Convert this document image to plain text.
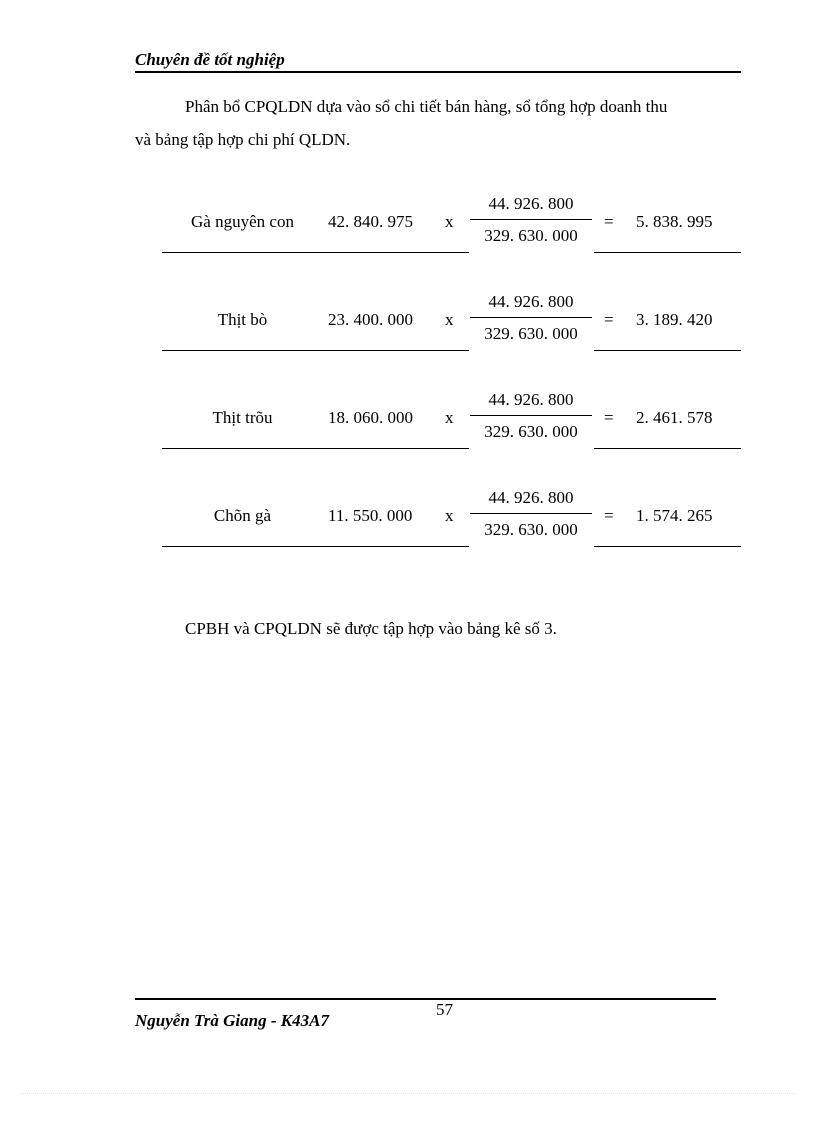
Chuyên đề tốt nghiệp
Phân bổ CPQLDN dựa vào sổ chi tiết bán hàng, sổ tổng hợp doanh thu
và bảng tập hợp chi phí QLDN.
Gà nguyên con	42. 840. 975 x
44. 926. 800
329. 630. 000
= 5. 838. 995
Thịt bò	23. 400. 000 x
44. 926. 800
329. 630. 000
= 3. 189. 420
Thịt trõu	18. 060. 000 x
44. 926. 800
329. 630. 000
= 2. 461. 578
Chõn gà	11. 550. 000 x
44. 926. 800
329. 630. 000
= 1. 574. 265
CPBH và CPQLDN sẽ được tập hợp vào bảng kê số 3.
57
Nguyễn Trà Giang - K43A7
